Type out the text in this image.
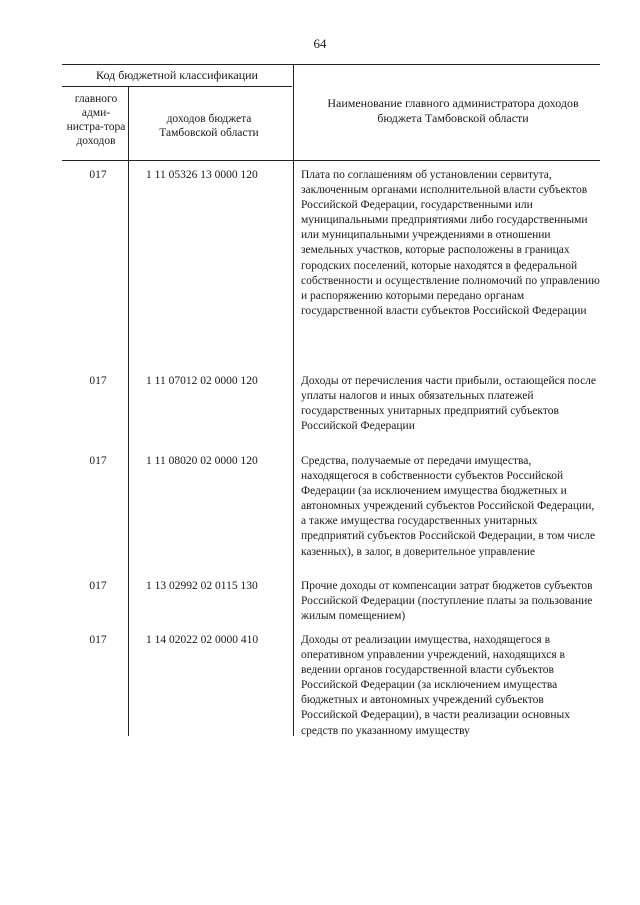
64
Код бюджетной классификации
главного адми-нистра-тора доходов
доходов бюджета Тамбовской области
Наименование главного администратора доходов бюджета Тамбовской области
017	1 11 05326 13 0000 120	Плата по соглашениям об установлении сервитута, заключенным органами исполнительной власти субъектов Российской Федерации, государственными или муниципальными предприятиями либо государственными или муниципальными учреждениями в отношении земельных участков, которые расположены в границах городских поселений, которые находятся в федеральной собственности и осуществление полномочий по управлению и распоряжению которыми передано органам государственной власти субъектов Российской Федерации
017	1 11 07012 02 0000 120	Доходы от перечисления части прибыли, остающейся после уплаты налогов и иных обязательных платежей государственных унитарных предприятий субъектов Российской Федерации
017	1 11 08020 02 0000 120	Средства, получаемые от передачи имущества, находящегося в собственности субъектов Российской Федерации (за исключением имущества бюджетных и автономных учреждений субъектов Российской Федерации, а также имущества государственных унитарных предприятий субъектов Российской Федерации, в том числе казенных), в залог, в доверительное управление
017	1 13 02992 02 0115 130	Прочие доходы от компенсации затрат бюджетов субъектов Российской Федерации (поступление платы за пользование жилым помещением)
017	1 14 02022 02 0000 410	Доходы от реализации имущества, находящегося в оперативном управлении учреждений, находящихся в ведении органов государственной власти субъектов Российской Федерации (за исключением имущества бюджетных и автономных учреждений субъектов Российской Федерации), в части реализации основных средств по указанному имуществу
